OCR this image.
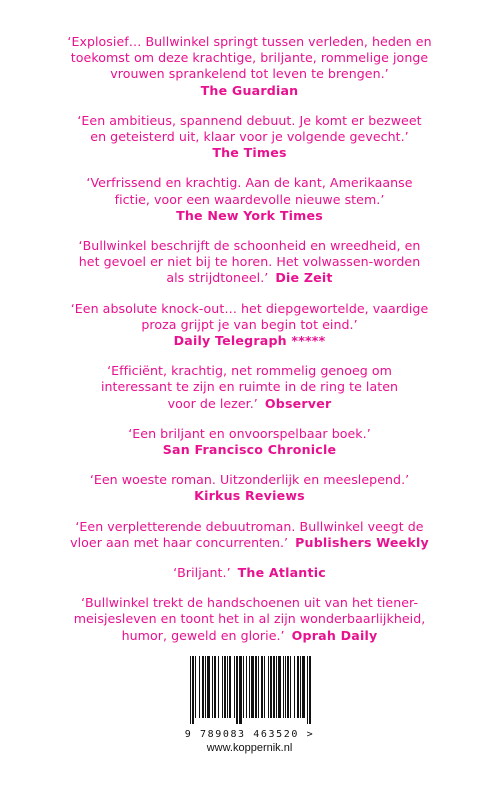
‘Explosief… Bullwinkel springt tussen verleden, heden en
toekomst om deze krachtige, briljante, rommelige jonge
vrouwen sprankelend tot leven te brengen.’
The Guardian
‘Een ambitieus, spannend debuut. Je komt er bezweet
en geteisterd uit, klaar voor je volgende gevecht.’
The Times
‘Verfrissend en krachtig. Aan de kant, Amerikaanse
fictie, voor een waardevolle nieuwe stem.’
The New York Times
‘Bullwinkel beschrijft de schoonheid en wreedheid, en
het gevoel er niet bij te horen. Het volwassen-worden
als strijdtoneel.’ Die Zeit
‘Een absolute knock-out… het diepgewortelde, vaardige
proza grijpt je van begin tot eind.’
Daily Telegraph *****
‘Efficiënt, krachtig, net rommelig genoeg om
interessant te zijn en ruimte in de ring te laten
voor de lezer.’ Observer
‘Een briljant en onvoorspelbaar boek.’
San Francisco Chronicle
‘Een woeste roman. Uitzonderlijk en meeslepend.’
Kirkus Reviews
‘Een verpletterende debuutroman. Bullwinkel veegt de
vloer aan met haar concurrenten.’ Publishers Weekly
‘Briljant.’ The Atlantic
‘Bullwinkel trekt de handschoenen uit van het tiener-
meisjesleven en toont het in al zijn wonderbaarlijkheid,
humor, geweld en glorie.’ Oprah Daily
9 789083 463520 >
www.koppernik.nl
